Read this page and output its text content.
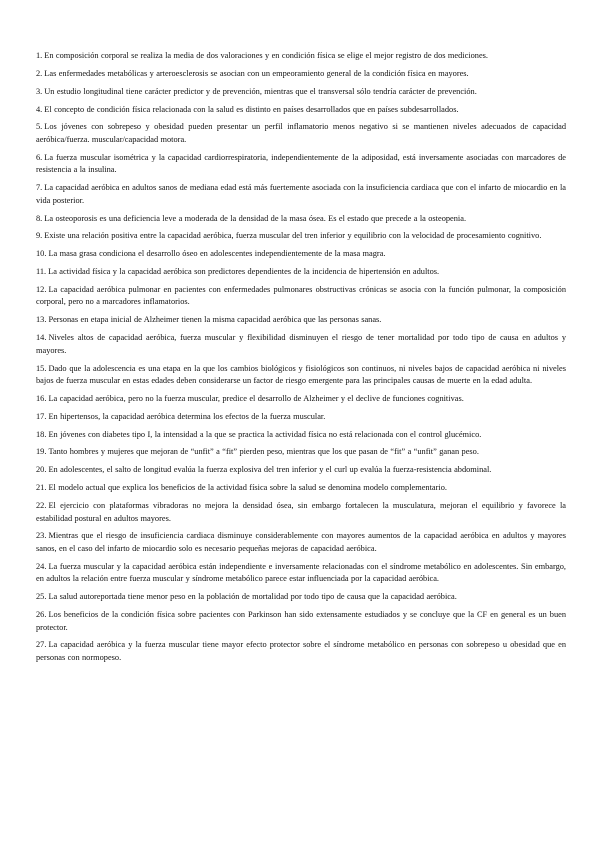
1. En composición corporal se realiza la media de dos valoraciones y en condición física se elige el mejor registro de dos mediciones.
2. Las enfermedades metabólicas y arteroesclerosis se asocian con un empeoramiento general de la condición física en mayores.
3. Un estudio longitudinal tiene carácter predictor y de prevención, mientras que el transversal sólo tendría carácter de prevención.
4. El concepto de condición física relacionada con la salud es distinto en países desarrollados que en países subdesarrollados.
5. Los jóvenes con sobrepeso y obesidad pueden presentar un perfil inflamatorio menos negativo si se mantienen niveles adecuados de capacidad aeróbica/fuerza. muscular/capacidad motora.
6. La fuerza muscular isométrica y la capacidad cardiorrespiratoria, independientemente de la adiposidad, está inversamente asociadas con marcadores de resistencia a la insulina.
7. La capacidad aeróbica en adultos sanos de mediana edad está más fuertemente asociada con la insuficiencia cardiaca que con el infarto de miocardio en la vida posterior.
8. La osteoporosis es una deficiencia leve a moderada de la densidad de la masa ósea. Es el estado que precede a la osteopenia.
9. Existe una relación positiva entre la capacidad aeróbica, fuerza muscular del tren inferior y equilibrio con la velocidad de procesamiento cognitivo.
10. La masa grasa condiciona el desarrollo óseo en adolescentes independientemente de la masa magra.
11. La actividad física y la capacidad aeróbica son predictores dependientes de la incidencia de hipertensión en adultos.
12. La capacidad aeróbica pulmonar en pacientes con enfermedades pulmonares obstructivas crónicas se asocia con la función pulmonar, la composición corporal, pero no a marcadores inflamatorios.
13. Personas en etapa inicial de Alzheimer tienen la misma capacidad aeróbica que las personas sanas.
14. Niveles altos de capacidad aeróbica, fuerza muscular y flexibilidad disminuyen el riesgo de tener mortalidad por todo tipo de causa en adultos y mayores.
15. Dado que la adolescencia es una etapa en la que los cambios biológicos y fisiológicos son continuos, ni niveles bajos de capacidad aeróbica ni niveles bajos de fuerza muscular en estas edades deben considerarse un factor de riesgo emergente para las principales causas de muerte en la edad adulta.
16. La capacidad aeróbica, pero no la fuerza muscular, predice el desarrollo de Alzheimer y el declive de funciones cognitivas.
17. En hipertensos, la capacidad aeróbica determina los efectos de la fuerza muscular.
18. En jóvenes con diabetes tipo I, la intensidad a la que se practica la actividad física no está relacionada con el control glucémico.
19. Tanto hombres y mujeres que mejoran de “unfit” a “fit” pierden peso, mientras que los que pasan de “fit” a “unfit” ganan peso.
20. En adolescentes, el salto de longitud evalúa la fuerza explosiva del tren inferior y el curl up evalúa la fuerza-resistencia abdominal.
21. El modelo actual que explica los beneficios de la actividad física sobre la salud se denomina modelo complementario.
22. El ejercicio con plataformas vibradoras no mejora la densidad ósea, sin embargo fortalecen la musculatura, mejoran el equilibrio y favorece la estabilidad postural en adultos mayores.
23. Mientras que el riesgo de insuficiencia cardiaca disminuye considerablemente con mayores aumentos de la capacidad aeróbica en adultos y mayores sanos, en el caso del infarto de miocardio solo es necesario pequeñas mejoras de capacidad aeróbica.
24. La fuerza muscular y la capacidad aeróbica están independiente e inversamente relacionadas con el síndrome metabólico en adolescentes. Sin embargo, en adultos la relación entre fuerza muscular y síndrome metabólico parece estar influenciada por la capacidad aeróbica.
25. La salud autoreportada tiene menor peso en la población de mortalidad por todo tipo de causa que la capacidad aeróbica.
26. Los beneficios de la condición física sobre pacientes con Parkinson han sido extensamente estudiados y se concluye que la CF en general es un buen protector.
27. La capacidad aeróbica y la fuerza muscular tiene mayor efecto protector sobre el síndrome metabólico en personas con sobrepeso u obesidad que en personas con normopeso.
